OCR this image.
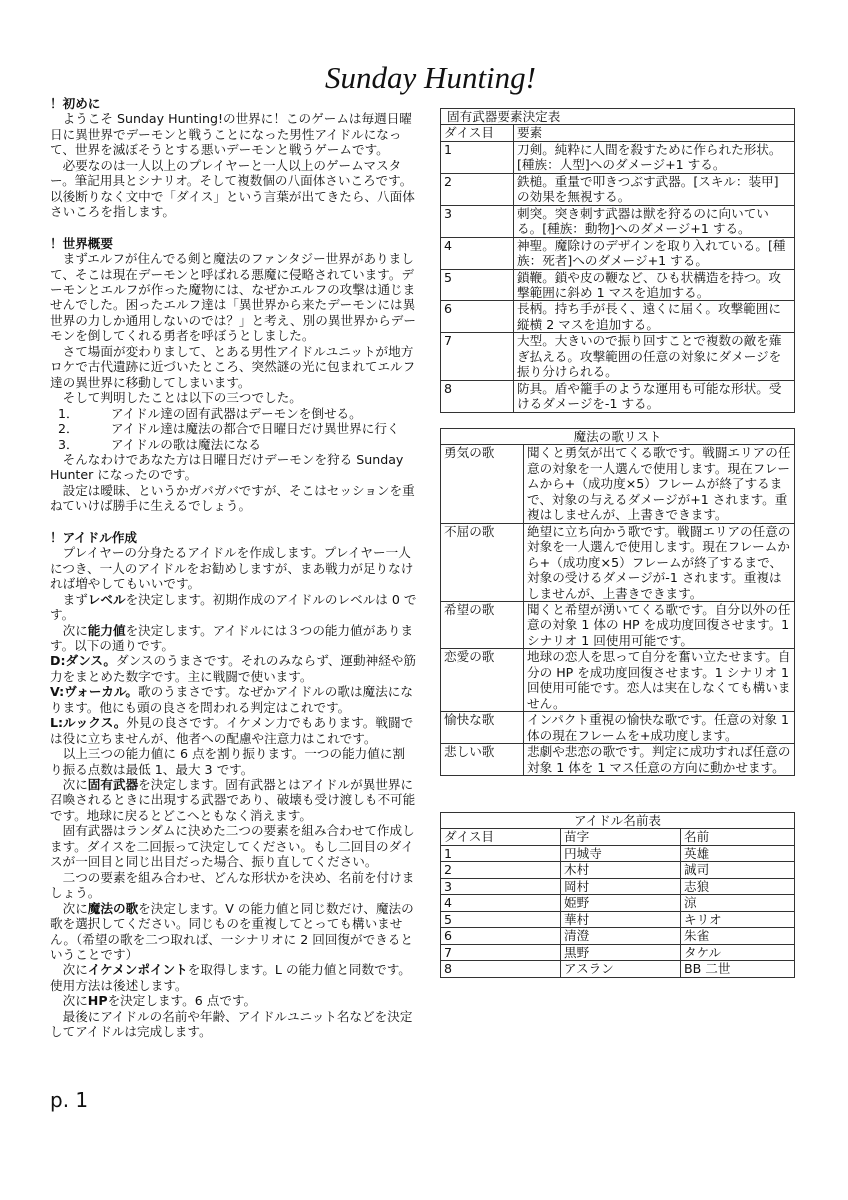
Sunday Hunting!

！初めに

ようこそ Sunday Hunting!の世界に！このゲームは毎週日曜日に異世界でデーモンと戦うことになった男性アイドルになって、世界を滅ぼそうとする悪いデーモンと戦うゲームです。

必要なのは一人以上のプレイヤーと一人以上のゲームマスター。筆記用具とシナリオ。そして複数個の八面体さいころです。以後断りなく文中で「ダイス」という言葉が出てきたら、八面体さいころを指します。

！世界概要

まずエルフが住んでる剣と魔法のファンタジー世界がありまして、そこは現在デーモンと呼ばれる悪魔に侵略されています。デーモンとエルフが作った魔物には、なぜかエルフの攻撃は通じませんでした。困ったエルフ達は「異世界から来たデーモンには異世界の力しか通用しないのでは？」と考え、別の異世界からデーモンを倒してくれる勇者を呼ぼうとしました。

さて場面が変わりまして、とある男性アイドルユニットが地方ロケで古代遺跡に近づいたところ、突然謎の光に包まれてエルフ達の異世界に移動してしまいます。

そして判明したことは以下の三つでした。

1．	アイドル達の固有武器はデーモンを倒せる。

2．	アイドル達は魔法の都合で日曜日だけ異世界に行く

3．	アイドルの歌は魔法になる

そんなわけであなた方は日曜日だけデーモンを狩る Sunday Hunter になったのです。

設定は曖昧、というかガバガバですが、そこはセッションを重ねていけば勝手に生えるでしょう。

！アイドル作成

プレイヤーの分身たるアイドルを作成します。プレイヤー一人につき、一人のアイドルをお勧めしますが、まあ戦力が足りなければ増やしてもいいです。

まずレベルを決定します。初期作成のアイドルのレベルは 0 です。

次に能力値を決定します。アイドルには３つの能力値があります。以下の通りです。

D:ダンス。ダンスのうまさです。それのみならず、運動神経や筋力をまとめた数字です。主に戦闘で使います。

V:ヴォーカル。歌のうまさです。なぜかアイドルの歌は魔法になります。他にも頭の良さを問われる判定はこれです。

L:ルックス。外見の良さです。イケメン力でもあります。戦闘では役に立ちませんが、他者への配慮や注意力はこれです。

以上三つの能力値に 6 点を割り振ります。一つの能力値に割り振る点数は最低 1、最大 3 です。

次に固有武器を決定します。固有武器とはアイドルが異世界に召喚されるときに出現する武器であり、破壊も受け渡しも不可能です。地球に戻るとどこへともなく消えます。

固有武器はランダムに決めた二つの要素を組み合わせて作成します。ダイスを二回振って決定してください。もし二回目のダイスが一回目と同じ出目だった場合、振り直してください。

二つの要素を組み合わせ、どんな形状かを決め、名前を付けましょう。

次に魔法の歌を決定します。V の能力値と同じ数だけ、魔法の歌を選択してください。同じものを重複してとっても構いません。（希望の歌を二つ取れば、一シナリオに 2 回回復ができるということです）

次にイケメンポイントを取得します。L の能力値と同数です。使用方法は後述します。

次にHPを決定します。6 点です。

最後にアイドルの名前や年齢、アイドルユニット名などを決定してアイドルは完成します。

固有武器要素決定表	
ダイス目	要素
1	刀剣。純粋に人間を殺すために作られた形状。[種族：人型]へのダメージ+1 する。
2	鉄槌。重量で叩きつぶす武器。[スキル：装甲]の効果を無視する。
3	刺突。突き刺す武器は獣を狩るのに向いている。[種族：動物]へのダメージ+1 する。
4	神聖。魔除けのデザインを取り入れている。[種族：死者]へのダメージ+1 する。
5	鎖鞭。鎖や皮の鞭など、ひも状構造を持つ。攻撃範囲に斜め 1 マスを追加する。
6	長柄。持ち手が長く、遠くに届く。攻撃範囲に縦横 2 マスを追加する。
7	大型。大きいので振り回すことで複数の敵を薙ぎ払える。攻撃範囲の任意の対象にダメージを振り分けられる。
8	防具。盾や籠手のような運用も可能な形状。受けるダメージを-1 する。
魔法の歌リスト	
勇気の歌	聞くと勇気が出てくる歌です。戦闘エリアの任意の対象を一人選んで使用します。現在フレームから+（成功度×5）フレームが終了するまで、対象の与えるダメージが+1 されます。重複はしませんが、上書きできます。
不屈の歌	絶望に立ち向かう歌です。戦闘エリアの任意の対象を一人選んで使用します。現在フレームから+（成功度×5）フレームが終了するまで、対象の受けるダメージが-1 されます。重複はしませんが、上書きできます。
希望の歌	聞くと希望が湧いてくる歌です。自分以外の任意の対象 1 体の HP を成功度回復させます。1 シナリオ 1 回使用可能です。
恋愛の歌	地球の恋人を思って自分を奮い立たせます。自分の HP を成功度回復させます。1 シナリオ 1 回使用可能です。恋人は実在しなくても構いません。
愉快な歌	インパクト重視の愉快な歌です。任意の対象 1 体の現在フレームを+成功度します。
悲しい歌	悲劇や悲恋の歌です。判定に成功すれば任意の対象 1 体を 1 マス任意の方向に動かせます。
アイドル名前表		
ダイス目	苗字	名前
1	円城寺	英雄
2	木村	誠司
3	岡村	志狼
4	姫野	涼
5	華村	キリオ
6	清澄	朱雀
7	黒野	タケル
8	アスラン	BB 二世
p. 1
